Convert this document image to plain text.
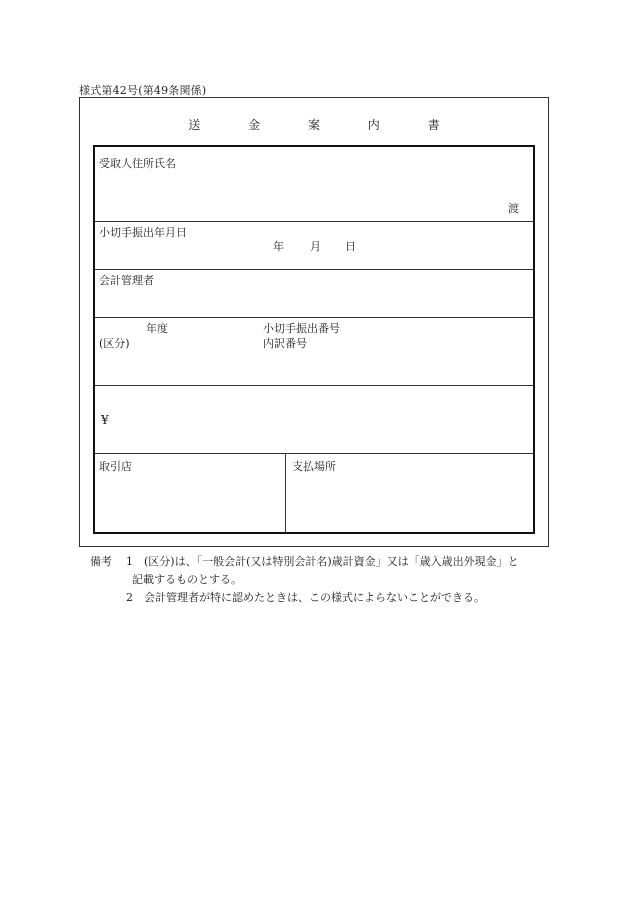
様式第42号(第49条関係)
送 金 案 内 書
受取人住所氏名
渡
小切手振出年月日
年 月 日
会計管理者
年度
(区分)
小切手振出番号
内訳番号
¥
取引店	支払場所
備考 1 (区分)は、「一般会計(又は特別会計名)歳計資金」又は「歳入歳出外現金」と
記載するものとする。
2 会計管理者が特に認めたときは、この様式によらないことができる。
